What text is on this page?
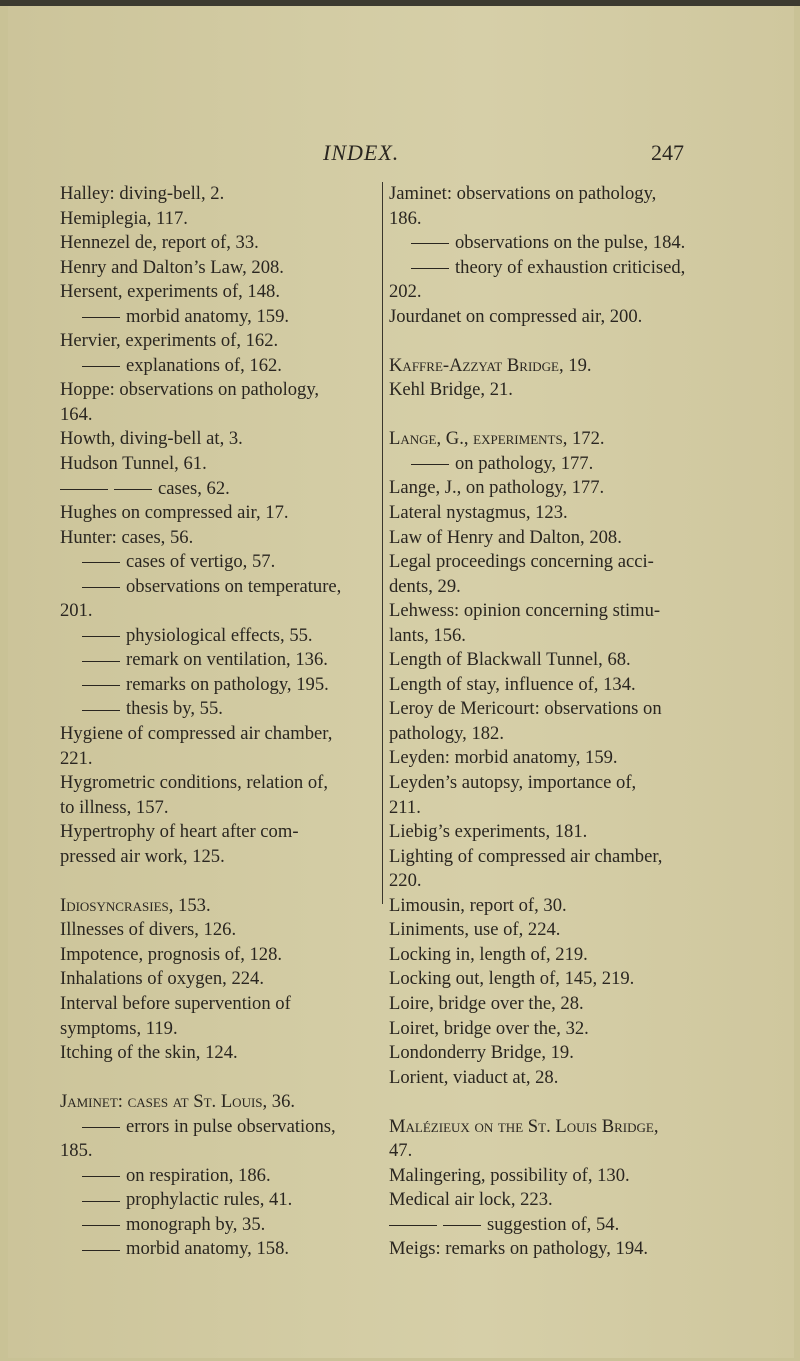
INDEX.	247
Halley: diving-bell, 2.
Hemiplegia, 117.
Hennezel de, report of, 33.
Henry and Dalton’s Law, 208.
Hersent, experiments of, 148.
morbid anatomy, 159.
Hervier, experiments of, 162.
explanations of, 162.
Hoppe: observations on pathology,
164.
Howth, diving-bell at, 3.
Hudson Tunnel, 61.
cases, 62.
Hughes on compressed air, 17.
Hunter: cases, 56.
cases of vertigo, 57.
observations on temperature,
201.
physiological effects, 55.
remark on ventilation, 136.
remarks on pathology, 195.
thesis by, 55.
Hygiene of compressed air chamber,
221.
Hygrometric conditions, relation of,
to illness, 157.
Hypertrophy of heart after com-
pressed air work, 125.
Idiosyncrasies, 153.
Illnesses of divers, 126.
Impotence, prognosis of, 128.
Inhalations of oxygen, 224.
Interval before supervention of
symptoms, 119.
Itching of the skin, 124.
Jaminet: cases at St. Louis, 36.
errors in pulse observations,
185.
on respiration, 186.
prophylactic rules, 41.
monograph by, 35.
morbid anatomy, 158.
Jaminet: observations on pathology,
186.
observations on the pulse, 184.
theory of exhaustion criticised,
202.
Jourdanet on compressed air, 200.
Kaffre-Azzyat Bridge, 19.
Kehl Bridge, 21.
Lange, G., experiments, 172.
on pathology, 177.
Lange, J., on pathology, 177.
Lateral nystagmus, 123.
Law of Henry and Dalton, 208.
Legal proceedings concerning acci-
dents, 29.
Lehwess: opinion concerning stimu-
lants, 156.
Length of Blackwall Tunnel, 68.
Length of stay, influence of, 134.
Leroy de Mericourt: observations on
pathology, 182.
Leyden: morbid anatomy, 159.
Leyden’s autopsy, importance of,
211.
Liebig’s experiments, 181.
Lighting of compressed air chamber,
220.
Limousin, report of, 30.
Liniments, use of, 224.
Locking in, length of, 219.
Locking out, length of, 145, 219.
Loire, bridge over the, 28.
Loiret, bridge over the, 32.
Londonderry Bridge, 19.
Lorient, viaduct at, 28.
Malézieux on the St. Louis Bridge,
47.
Malingering, possibility of, 130.
Medical air lock, 223.
suggestion of, 54.
Meigs: remarks on pathology, 194.
